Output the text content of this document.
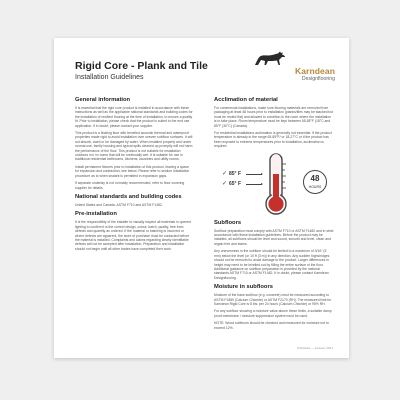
Karndean
Designflooring
Rigid Core - Plank and Tile
Installation Guidelines
General information

It is essential that the rigid core product is installed in accordance with these instructions as well as the applicable national standards and building codes for the installation of resilient flooring at the time of installation, to ensure a quality fit. Prior to installation, please check that the product is suited to the end use application. If in doubt, please contact your supplier.

This product is a floating floor with bevelled acoustic thermal and waterproof properties made rigid to avoid installation over uneven subfloor surfaces. It will not absorb, swell or be damaged by water. When installed properly and under normal use, family housing and typical spills cleaned up promptly will not harm the performance of the floor. This product is not suitable for installation outdoors nor in rooms that will be continually wet. It is suitable for use in traditional residential bathrooms, kitchens, laundries and utility rooms.

Install permanent fixtures prior to installation of this product, leaving a space for expansion and contraction; see below. Please refer to section Installation procedure as to when sealant is permitted in expansion gaps.

If separate underlay is not normally recommended, refer to floor covering supplier for details.

National standards and building codes

United States and Canada: ASTM F710 and ASTM F1482.

Pre-installation

It is the responsibility of the installer to visually inspect all materials in opened lighting to confirm it is the correct design, colour, batch, quality, free from defects and quantity as ordered. If the material or batching is incorrect or where defects are apparent, the store of purchase must be contacted before the material is installed. Complaints and claims regarding clearly identifiable defects will not be accepted after installation. Preparation and installation should not begin until all other trades have completed their work.

Acclimation of material

For commercial installations, make sure flooring materials are removed from packaging at least 48 hours prior to installation (planks/tiles may be stacked but must be rested flat) and allowed to condition in the room where the installation is to take place. Room temperature must be kept between 65-85°F (18°C and 85°F (30°C) (Canada).

For residential installations acclimation is generally not essential. If the product temperature is already in the range 65-85°F/ or 18-27°C or if the product has been exposed to extreme temperatures prior to installation, acclimation is required.

✓ 85° F
✓ 65° F
48
HOURS
Subfloors

Subfloor preparation must comply with ASTM F710 or ASTM F1482 and in strict accordance with these installation guidelines. Before the product may be installed, all subfloors should be level and sound, smooth and level, clean and regain free and stains.

Any unevenness in the subfloor should be limited to a maximum of 3/16" (5 mm) below the level (or 10 ft (3 m)) in any direction. Any sudden highs/ridges should not be removed to avoid damage to the product. Larger differences in height may need to be levelled out by filling the entire surface of the floor. Additional guidance on subfloor preparation is provided by the national standards ASTM F710 or ASTM F1482. If in doubt, please contact Karndean Designflooring.

Moisture in subfloors

Moisture of the base subfloor (e.g. concrete) must be measured according to ASTM F1869 (Calcium Chloride) or ASTM F2170 (RH). The measured limit for Karndean Rigid Core is 8 lbs. per 24 hours (Calcium Chloride) or 95% RH.

For any subfloor showing a moisture value above these limits, a suitable damp proof membrane / moisture suppression system must be used.

NOTE: Wood subfloors should be checked and measured for moisture not to exceed 12%.

Published — January 2021
